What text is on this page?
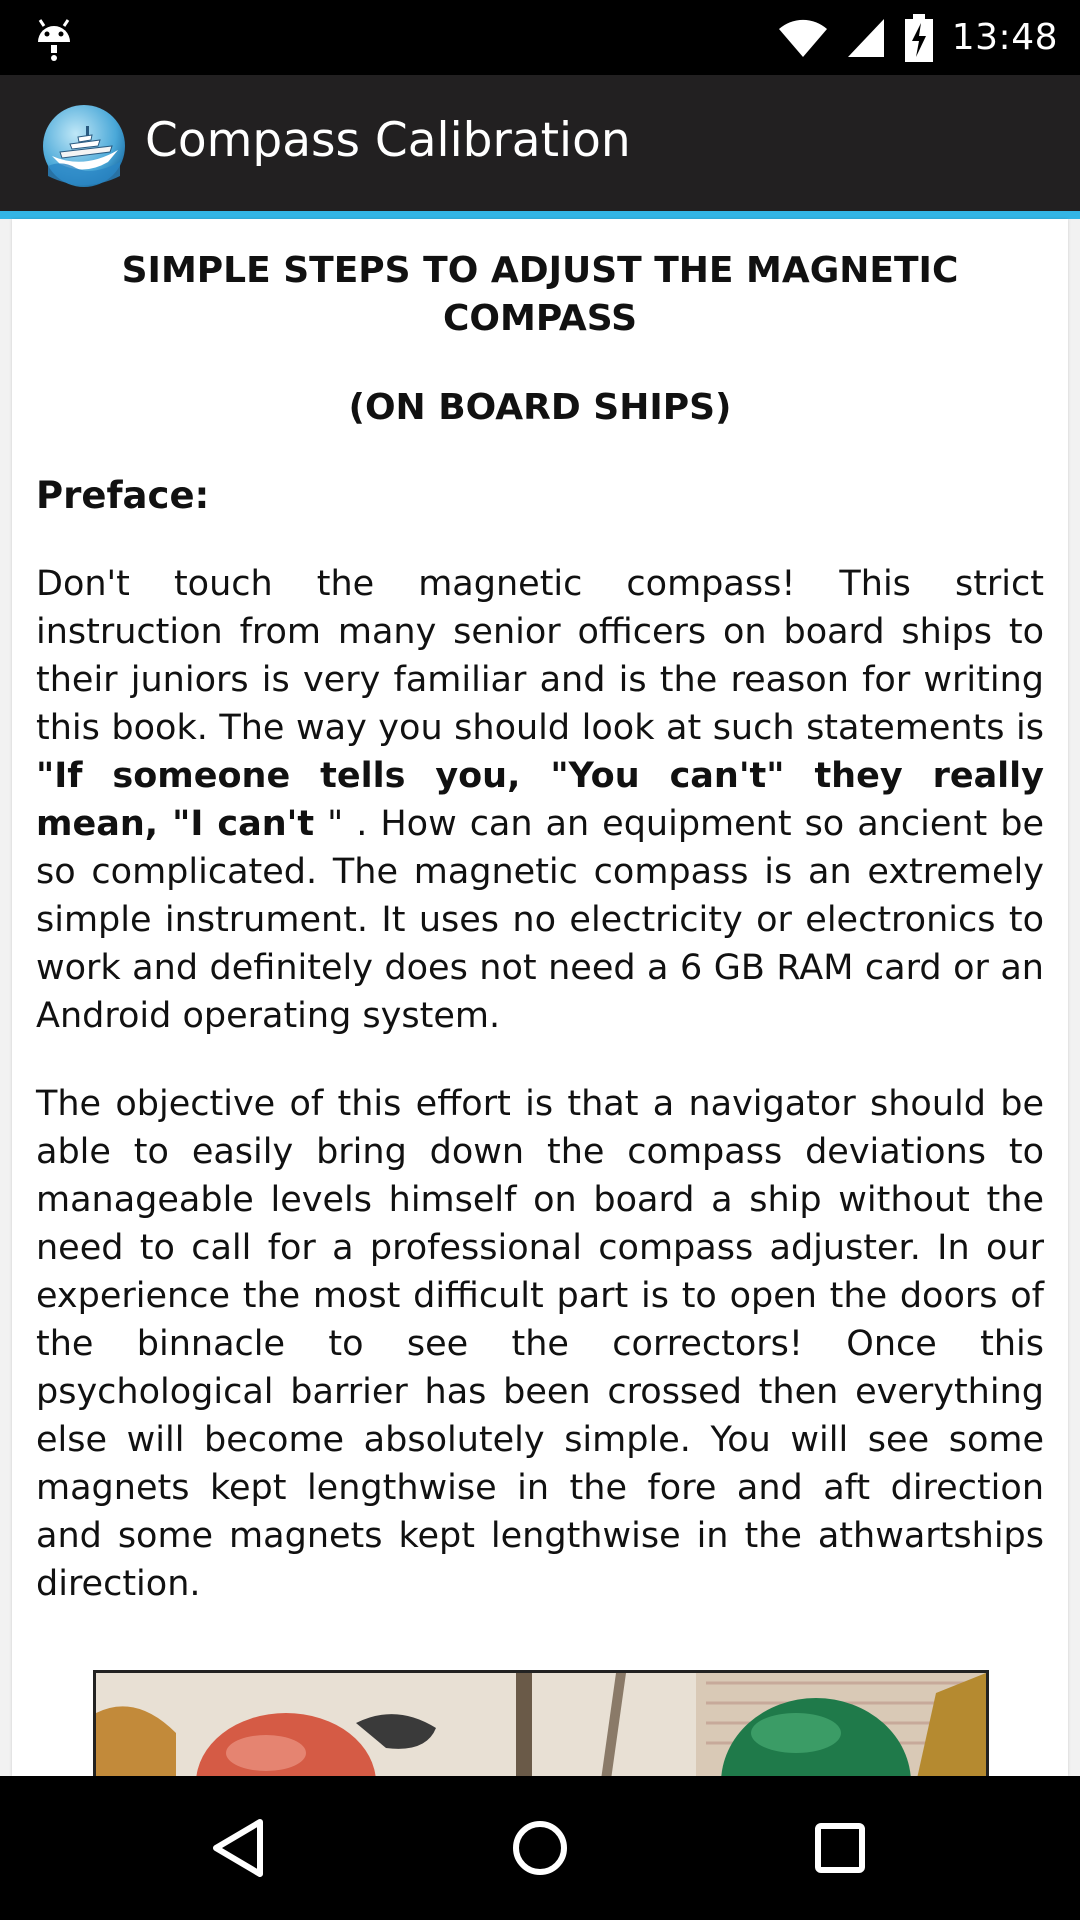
13:48
Compass Calibration
SIMPLE STEPS TO ADJUST THE MAGNETIC COMPASS
(ON BOARD SHIPS)
Preface:
Don't touch the magnetic compass! This strict instruction from many senior officers on board ships to their juniors is very familiar and is the reason for writing this book. The way you should look at such statements is "If someone tells you, "You can't" they really mean, "I can't " . How can an equipment so ancient be so complicated. The magnetic compass is an extremely simple instrument. It uses no electricity or electronics to work and definitely does not need a 6 GB RAM card or an Android operating system.
The objective of this effort is that a navigator should be able to easily bring down the compass deviations to manageable levels himself on board a ship without the need to call for a professional compass adjuster. In our experience the most difficult part is to open the doors of the binnacle to see the correctors! Once this psychological barrier has been crossed then everything else will become absolutely simple. You will see some magnets kept lengthwise in the fore and aft direction and some magnets kept lengthwise in the athwartships direction.
